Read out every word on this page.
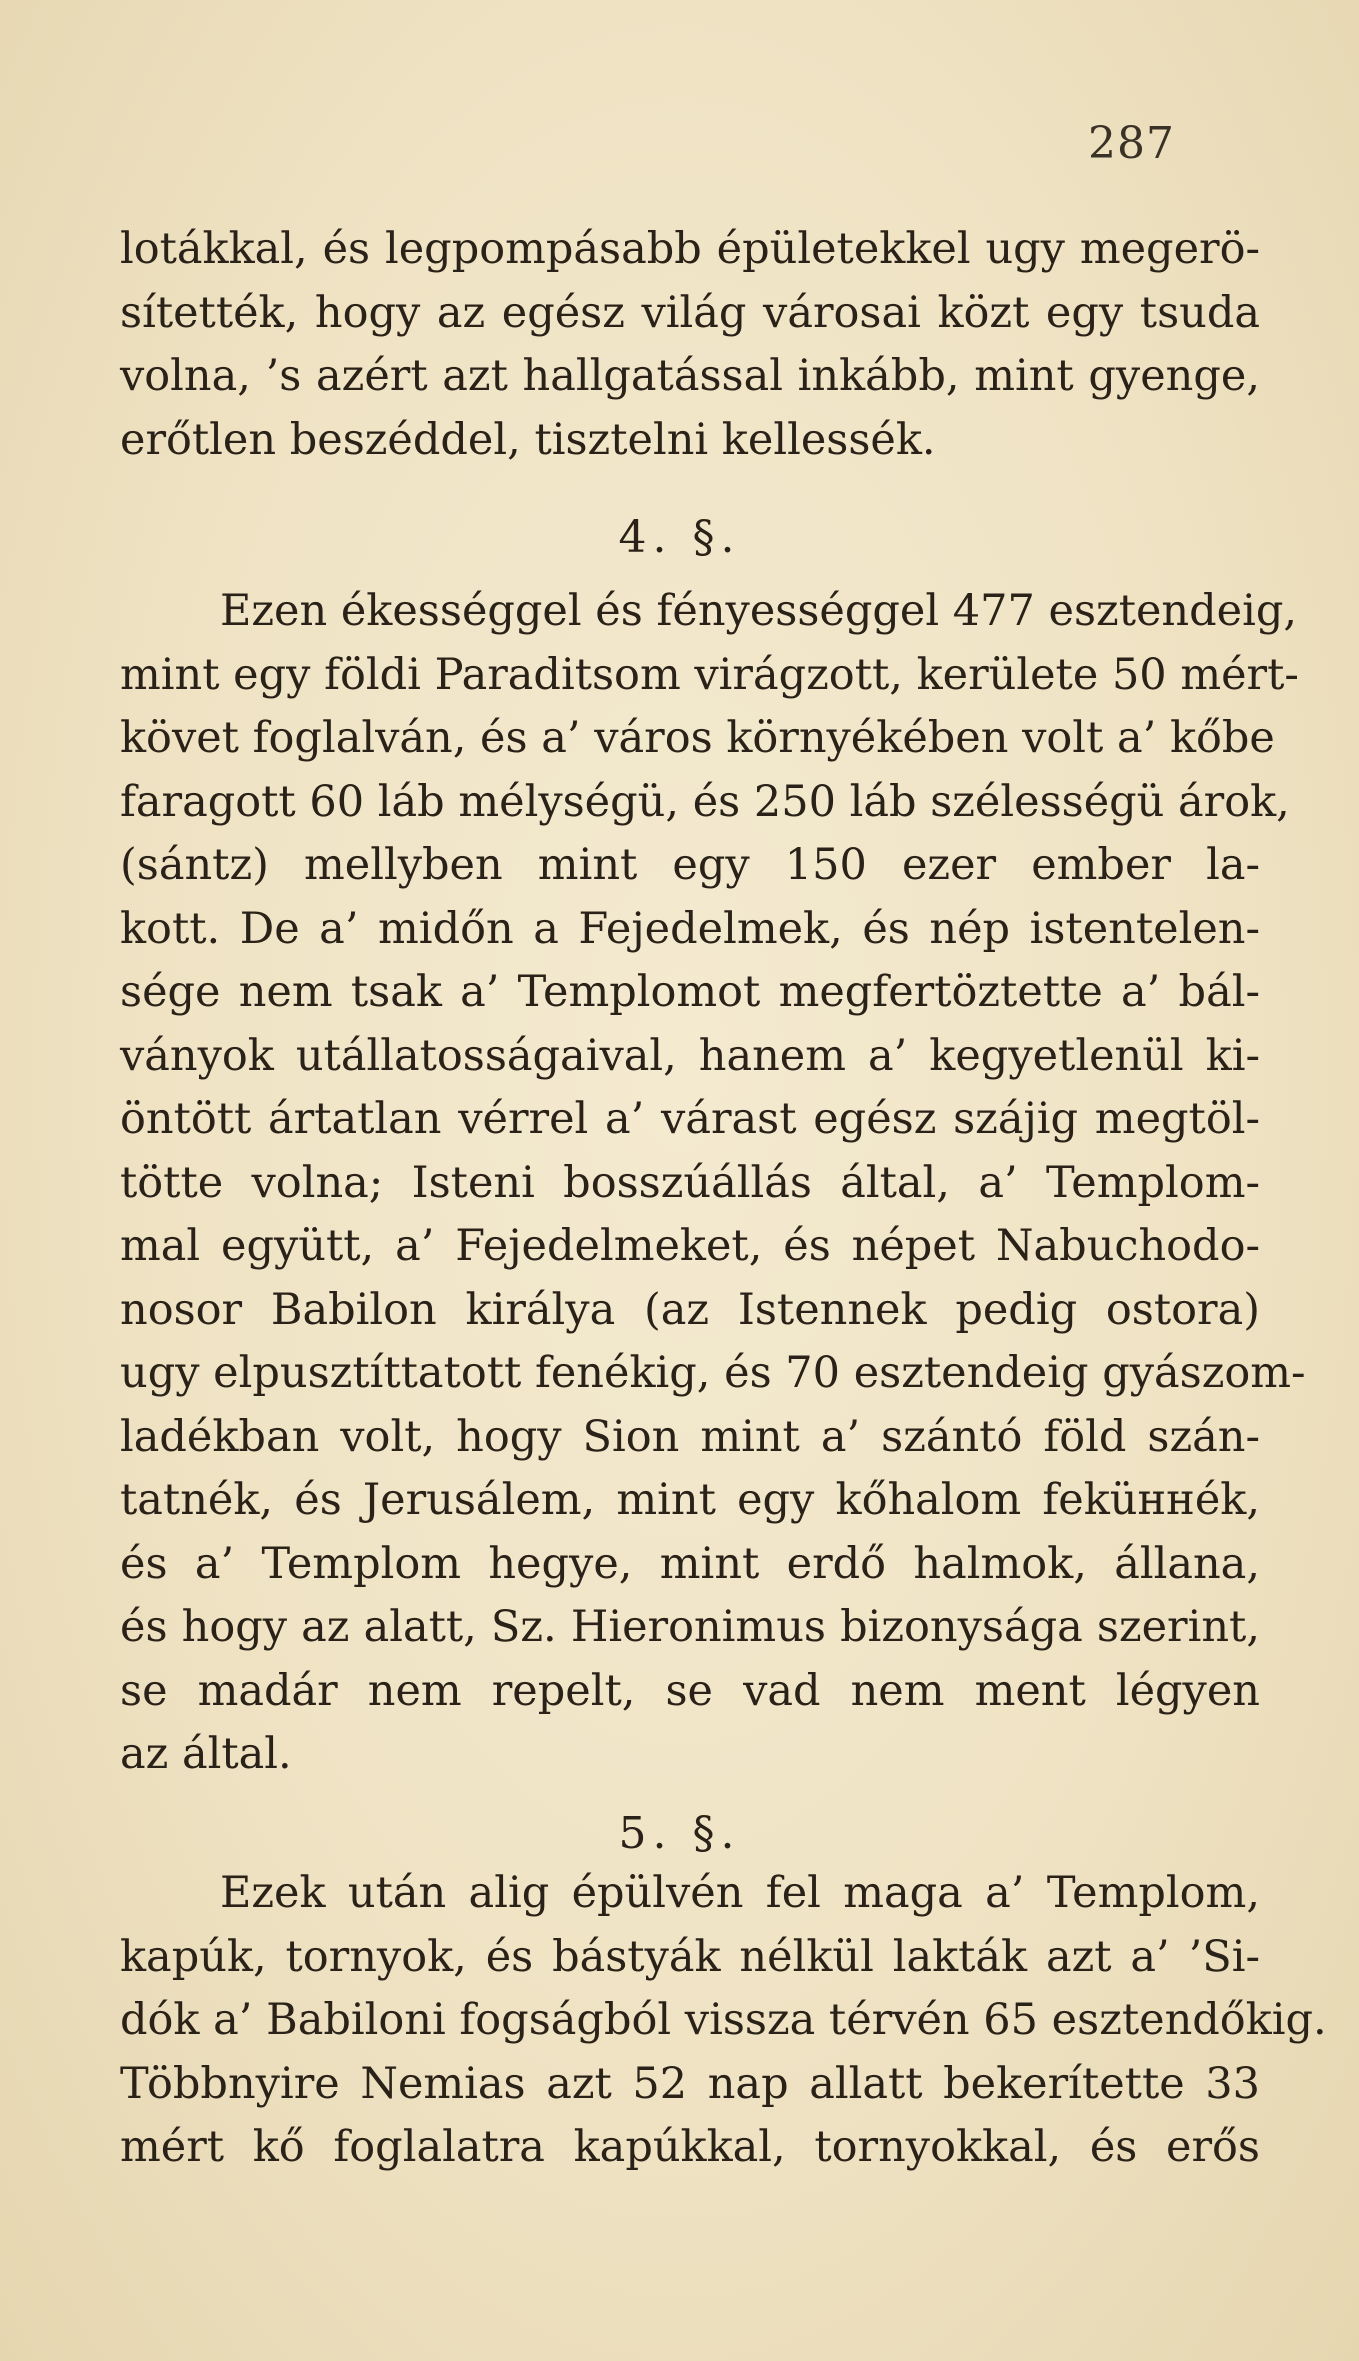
287
lotákkal, és legpompásabb épületekkel ugy megerö-
sítették, hogy az egész világ városai közt egy tsuda
volna, ’s azért azt hallgatással inkább, mint gyenge,
erőtlen beszéddel, tisztelni kellessék.
4. §.
Ezen ékességgel és fényességgel 477 esztendeig,
mint egy földi Paraditsom virágzott, kerülete 50 mért-
követ foglalván, és a’ város környékében volt a’ kőbe
faragott 60 láb mélységü, és 250 láb szélességü árok,
(sántz) mellyben mint egy 150 ezer ember la-
kott. De a’ midőn a Fejedelmek, és nép istentelen-
sége nem tsak a’ Templomot megfertöztette a’ bál-
ványok utállatosságaival, hanem a’ kegyetlenül ki-
öntött ártatlan vérrel a’ várast egész szájig megtöl-
tötte volna; Isteni bosszúállás által, a’ Templom-
mal együtt, a’ Fejedelmeket, és népet Nabuchodo-
nosor Babilon királya (az Istennek pedig ostora)
ugy elpusztíttatott fenékig, és 70 esztendeig gyászom-
ladékban volt, hogy Sion mint a’ szántó föld szán-
tatnék, és Jerusálem, mint egy kőhalom feküннék,
és a’ Templom hegye, mint erdő halmok, állana,
és hogy az alatt, Sz. Hieronimus bizonysága szerint,
se madár nem repelt, se vad nem ment légyen
az által.
5. §.
Ezek után alig épülvén fel maga a’ Templom,
kapúk, tornyok, és bástyák nélkül lakták azt a’ ’Si-
dók a’ Babiloni fogságból vissza térvén 65 esztendőkig.
Többnyire Nemias azt 52 nap allatt bekerítette 33
mért kő foglalatra kapúkkal, tornyokkal, és erős
